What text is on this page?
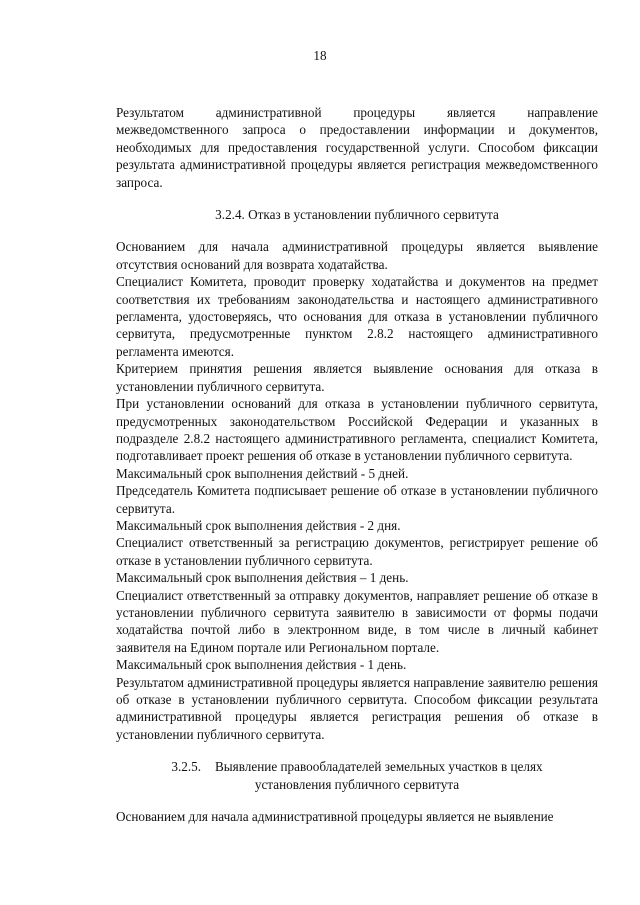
18

Результатом административной процедуры является направление межведомственного запроса о предоставлении информации и документов, необходимых для предоставления государственной услуги. Способом фиксации результата административной процедуры является регистрация межведомственного запроса.

3.2.4. Отказ в установлении публичного сервитута

Основанием для начала административной процедуры является выявление отсутствия оснований для возврата ходатайства.

Специалист Комитета, проводит проверку ходатайства и документов на предмет соответствия их требованиям законодательства и настоящего административного регламента, удостоверяясь, что основания для отказа в установлении публичного сервитута, предусмотренные пунктом 2.8.2 настоящего административного регламента имеются.

Критерием принятия решения является выявление основания для отказа в установлении публичного сервитута.

При установлении оснований для отказа в установлении публичного сервитута, предусмотренных законодательством Российской Федерации и указанных в подразделе 2.8.2 настоящего административного регламента, специалист Комитета, подготавливает проект решения об отказе в установлении публичного сервитута.

Максимальный срок выполнения действий - 5 дней.

Председатель Комитета подписывает решение об отказе в установлении публичного сервитута.

Максимальный срок выполнения действия - 2 дня.

Специалист ответственный за регистрацию документов, регистрирует решение об отказе в установлении публичного сервитута.

Максимальный срок выполнения действия – 1 день.

Специалист ответственный за отправку документов, направляет решение об отказе в установлении публичного сервитута заявителю в зависимости от формы подачи ходатайства почтой либо в электронном виде, в том числе в личный кабинет заявителя на Едином портале или Региональном портале.

Максимальный срок выполнения действия - 1 день.

Результатом административной процедуры является направление заявителю решения об отказе в установлении публичного сервитута. Способом фиксации результата административной процедуры является регистрация решения об отказе в установлении публичного сервитута.

3.2.5. Выявление правообладателей земельных участков в целях
установления публичного сервитута

Основанием для начала административной процедуры является не выявление
